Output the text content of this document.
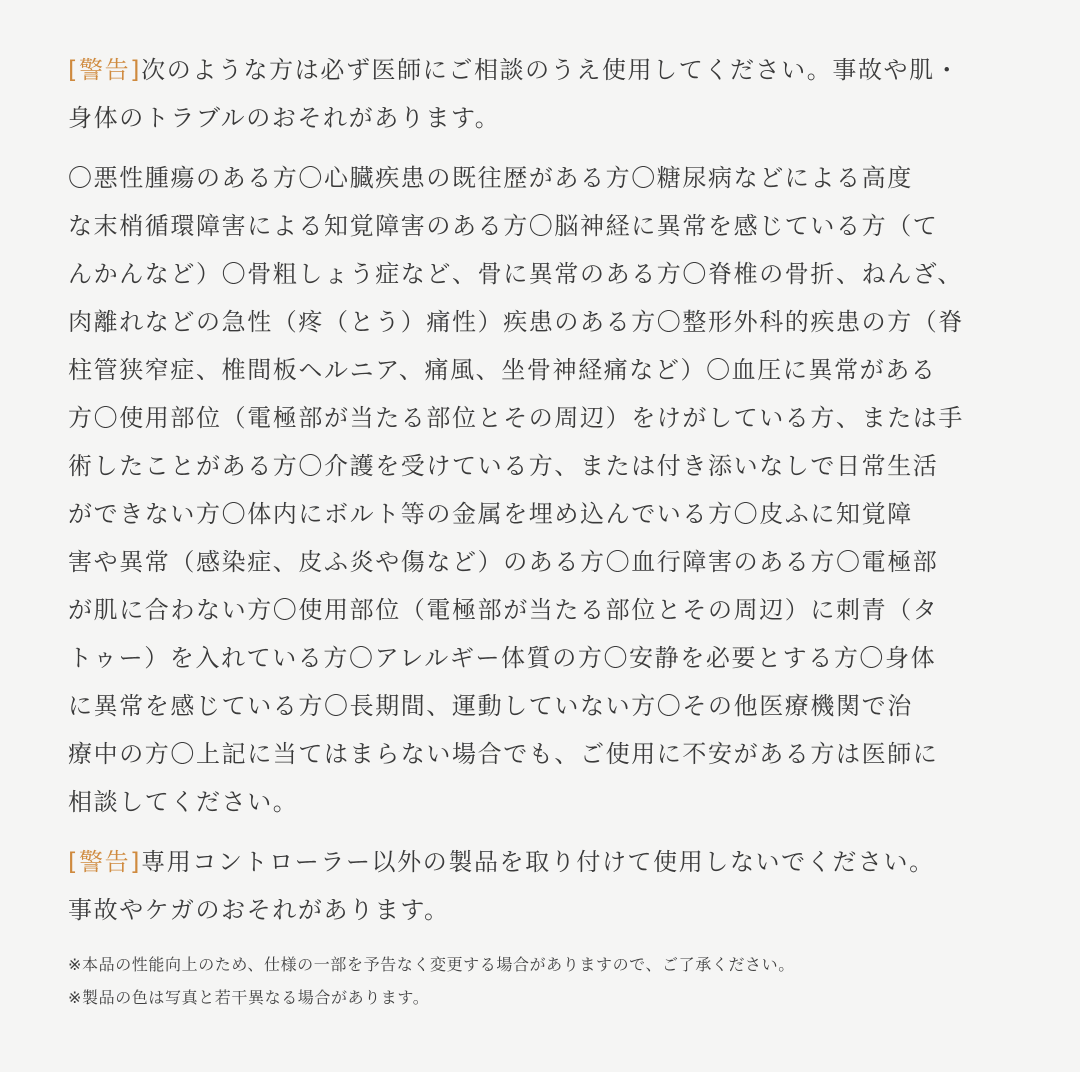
[警告]次のような方は必ず医師にご相談のうえ使用してください。事故や肌・
身体のトラブルのおそれがあります。
〇悪性腫瘍のある方〇心臓疾患の既往歴がある方〇糖尿病などによる高度
な末梢循環障害による知覚障害のある方〇脳神経に異常を感じている方（て
んかんなど）〇骨粗しょう症など、骨に異常のある方〇脊椎の骨折、ねんざ、
肉離れなどの急性（疼（とう）痛性）疾患のある方〇整形外科的疾患の方（脊
柱管狭窄症、椎間板ヘルニア、痛風、坐骨神経痛など）〇血圧に異常がある
方〇使用部位（電極部が当たる部位とその周辺）をけがしている方、または手
術したことがある方〇介護を受けている方、または付き添いなしで日常生活
ができない方〇体内にボルト等の金属を埋め込んでいる方〇皮ふに知覚障
害や異常（感染症、皮ふ炎や傷など）のある方〇血行障害のある方〇電極部
が肌に合わない方〇使用部位（電極部が当たる部位とその周辺）に刺青（タ
トゥー）を入れている方〇アレルギー体質の方〇安静を必要とする方〇身体
に異常を感じている方〇長期間、運動していない方〇その他医療機関で治
療中の方〇上記に当てはまらない場合でも、ご使用に不安がある方は医師に
相談してください。
[警告]専用コントローラー以外の製品を取り付けて使用しないでください。
事故やケガのおそれがあります。
※本品の性能向上のため、仕様の一部を予告なく変更する場合がありますので、ご了承ください。
※製品の色は写真と若干異なる場合があります。
